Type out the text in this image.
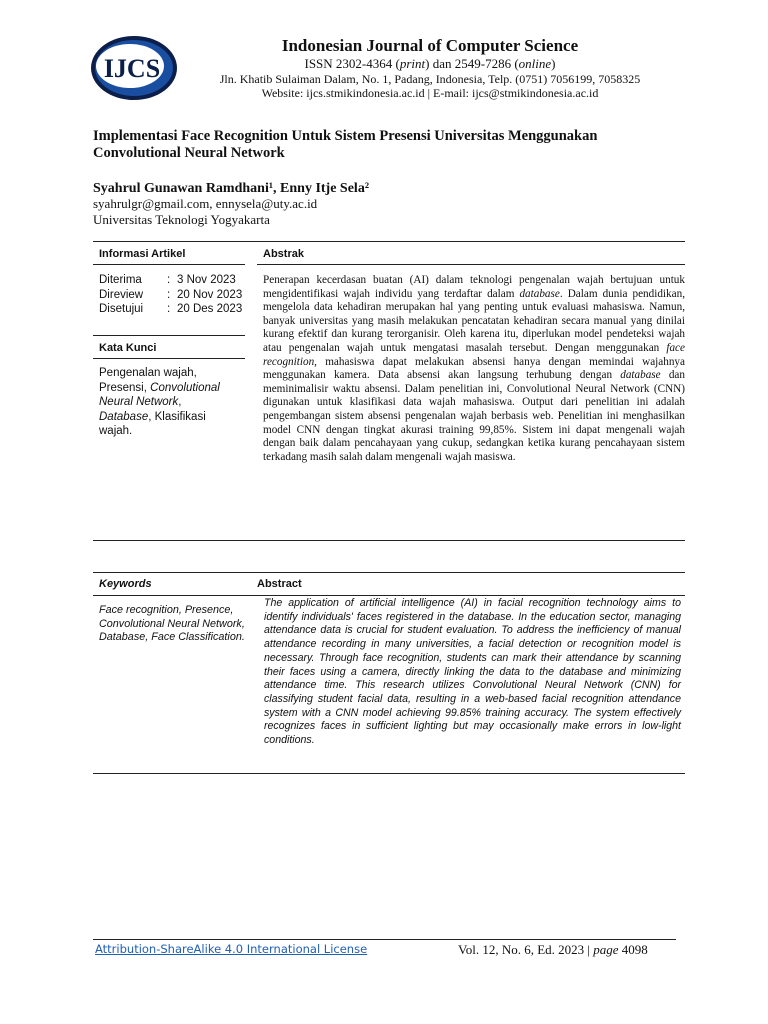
IJCS
Indonesian Journal of Computer Science
ISSN 2302-4364 (print) dan 2549-7286 (online)
Jln. Khatib Sulaiman Dalam, No. 1, Padang, Indonesia, Telp. (0751) 7056199, 7058325
Website: ijcs.stmikindonesia.ac.id | E-mail: ijcs@stmikindonesia.ac.id
Implementasi Face Recognition Untuk Sistem Presensi Universitas Menggunakan
Convolutional Neural Network
Syahrul Gunawan Ramdhani¹, Enny Itje Sela²
syahrulgr@gmail.com, ennysela@uty.ac.id
Universitas Teknologi Yogyakarta
Informasi Artikel	Abstrak
Diterima	: 3 Nov 2023
Direview	: 20 Nov 2023
Disetujui	: 20 Des 2023
Kata Kunci
Pengenalan wajah, Presensi, Convolutional Neural Network, Database, Klasifikasi wajah.
Penerapan kecerdasan buatan (AI) dalam teknologi pengenalan wajah bertujuan untuk mengidentifikasi wajah individu yang terdaftar dalam database. Dalam dunia pendidikan, mengelola data kehadiran merupakan hal yang penting untuk evaluasi mahasiswa. Namun, banyak universitas yang masih melakukan pencatatan kehadiran secara manual yang dinilai kurang efektif dan kurang terorganisir. Oleh karena itu, diperlukan model pendeteksi wajah atau pengenalan wajah untuk mengatasi masalah tersebut. Dengan menggunakan face recognition, mahasiswa dapat melakukan absensi hanya dengan memindai wajahnya menggunakan kamera. Data absensi akan langsung terhubung dengan database dan meminimalisir waktu absensi. Dalam penelitian ini, Convolutional Neural Network (CNN) digunakan untuk klasifikasi data wajah mahasiswa. Output dari penelitian ini adalah pengembangan sistem absensi pengenalan wajah berbasis web. Penelitian ini menghasilkan model CNN dengan tingkat akurasi training 99,85%. Sistem ini dapat mengenali wajah dengan baik dalam pencahayaan yang cukup, sedangkan ketika kurang pencahayaan sistem terkadang masih salah dalam mengenali wajah masiswa.
Keywords	Abstract
Face recognition, Presence, Convolutional Neural Network, Database, Face Classification.
The application of artificial intelligence (AI) in facial recognition technology aims to identify individuals' faces registered in the database. In the education sector, managing attendance data is crucial for student evaluation. To address the inefficiency of manual attendance recording in many universities, a facial detection or recognition model is necessary. Through face recognition, students can mark their attendance by scanning their faces using a camera, directly linking the data to the database and minimizing attendance time. This research utilizes Convolutional Neural Network (CNN) for classifying student facial data, resulting in a web-based facial recognition attendance system with a CNN model achieving 99.85% training accuracy. The system effectively recognizes faces in sufficient lighting but may occasionally make errors in low-light conditions.
Attribution-ShareAlike 4.0 International License	Vol. 12, No. 6, Ed. 2023 | page 4098
